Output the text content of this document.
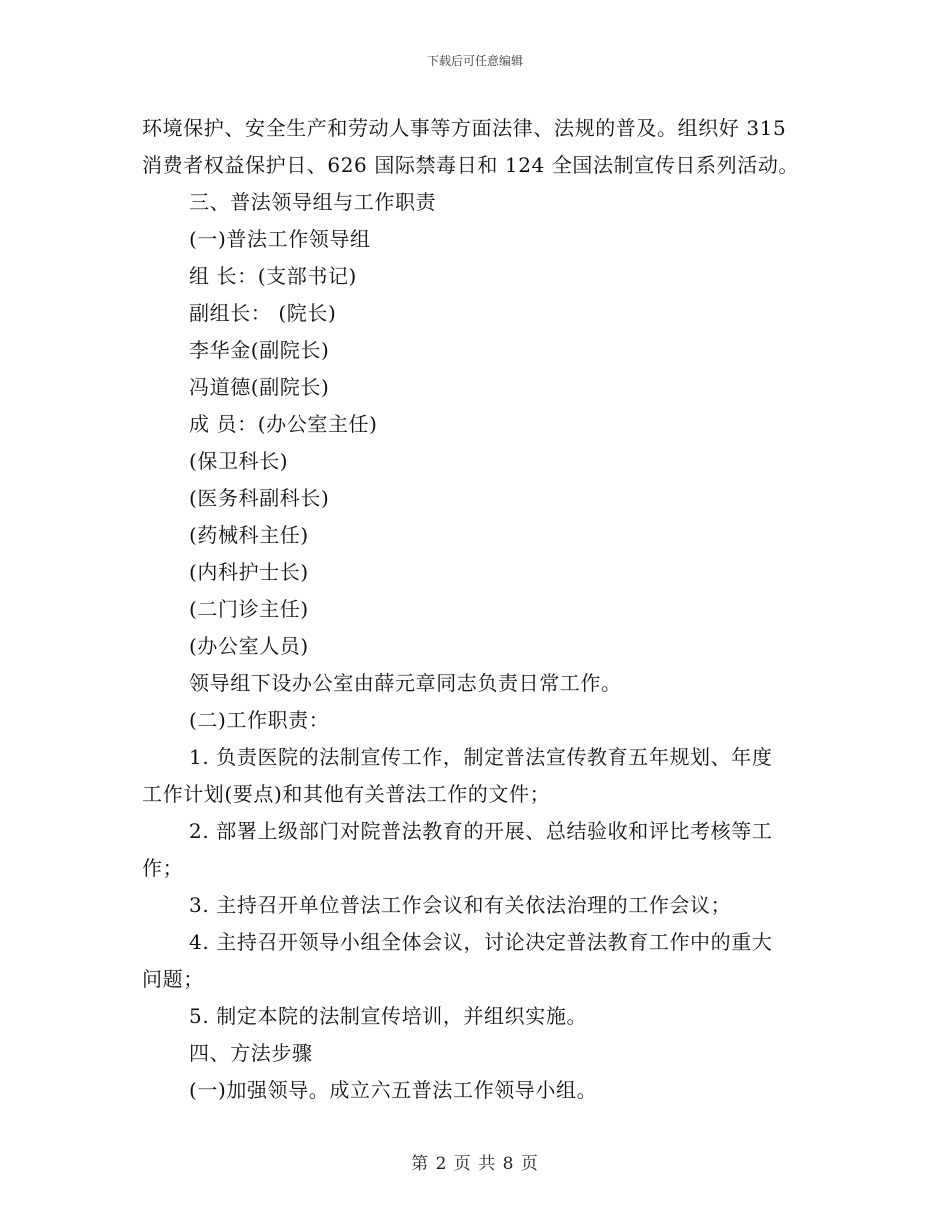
下载后可任意编辑
环境保护、安全生产和劳动人事等方面法律、法规的普及。组织好 315
消费者权益保护日、626 国际禁毒日和 124 全国法制宣传日系列活动。
三、普法领导组与工作职责
(一)普法工作领导组
组 长：(支部书记)
副组长： (院长)
李华金(副院长)
冯道德(副院长)
成 员：(办公室主任)
(保卫科长)
(医务科副科长)
(药械科主任)
(内科护士长)
(二门诊主任)
(办公室人员)
领导组下设办公室由薛元章同志负责日常工作。
(二)工作职责：
1. 负责医院的法制宣传工作，制定普法宣传教育五年规划、年度
工作计划(要点)和其他有关普法工作的文件；
2. 部署上级部门对院普法教育的开展、总结验收和评比考核等工
作；
3. 主持召开单位普法工作会议和有关依法治理的工作会议；
4. 主持召开领导小组全体会议，讨论决定普法教育工作中的重大
问题；
5. 制定本院的法制宣传培训，并组织实施。
四、方法步骤
(一)加强领导。成立六五普法工作领导小组。
第 2 页 共 8 页
